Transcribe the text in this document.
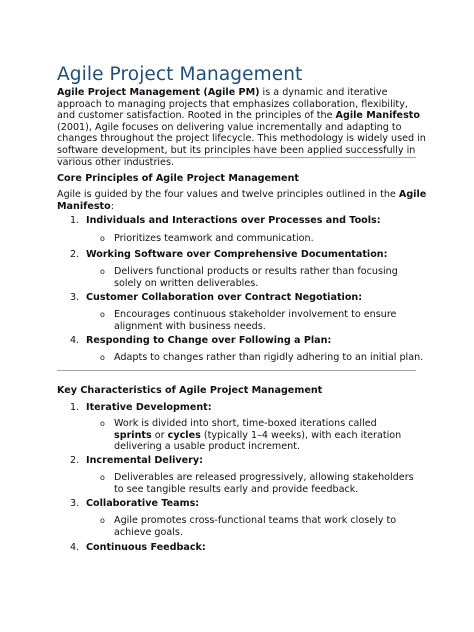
Agile Project Management
Agile Project Management (Agile PM) is a dynamic and iterative approach to managing projects that emphasizes collaboration, flexibility, and customer satisfaction. Rooted in the principles of the Agile Manifesto (2001), Agile focuses on delivering value incrementally and adapting to changes throughout the project lifecycle. This methodology is widely used in software development, but its principles have been applied successfully in various other industries.
Core Principles of Agile Project Management
Agile is guided by the four values and twelve principles outlined in the Agile Manifesto:
1. Individuals and Interactions over Processes and Tools:
o Prioritizes teamwork and communication.
2. Working Software over Comprehensive Documentation:
o Delivers functional products or results rather than focusing solely on written deliverables.
3. Customer Collaboration over Contract Negotiation:
o Encourages continuous stakeholder involvement to ensure alignment with business needs.
4. Responding to Change over Following a Plan:
o Adapts to changes rather than rigidly adhering to an initial plan.
Key Characteristics of Agile Project Management
1. Iterative Development:
o Work is divided into short, time-boxed iterations called sprints or cycles (typically 1–4 weeks), with each iteration delivering a usable product increment.
2. Incremental Delivery:
o Deliverables are released progressively, allowing stakeholders to see tangible results early and provide feedback.
3. Collaborative Teams:
o Agile promotes cross-functional teams that work closely to achieve goals.
4. Continuous Feedback:
